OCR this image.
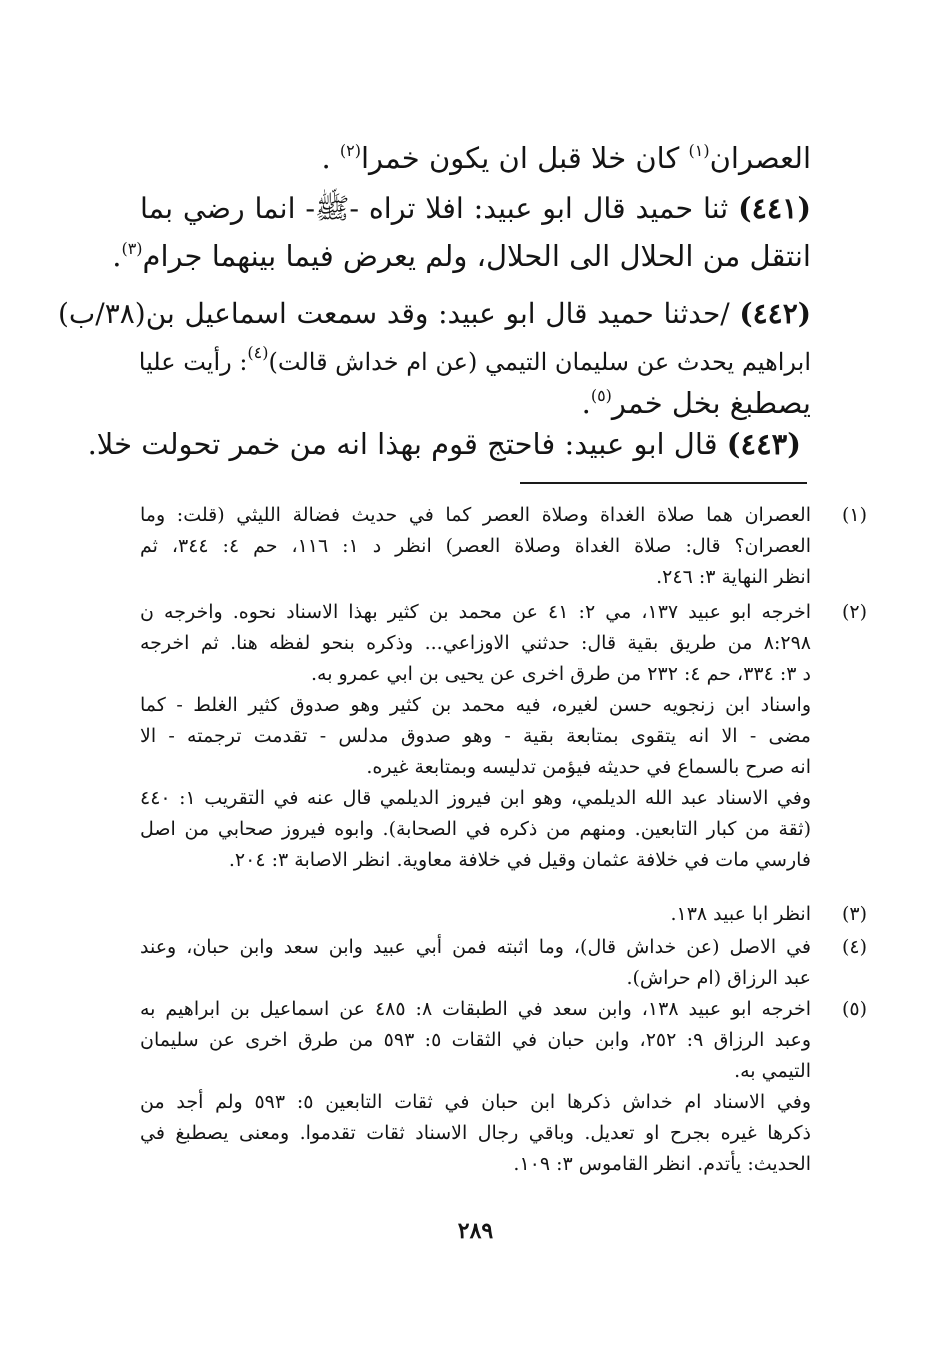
العصران$^{(١)}$ كان خلا قبل ان يكون خمرا$^{(٢)}$ .
(٤٤١) ثنا حميد قال ابو عبيد: افلا تراه -ﷺ- انما رضي بما
انتقل من الحلال الى الحلال، ولم يعرض فيما بينهما جرام$^{(٣)}$.
(٤٤٢) /حدثنا حميد قال ابو عبيد: وقد سمعت اسماعيل بن(٣٨/ب)
ابراهيم يحدث عن سليمان التيمي (عن ام خداش قالت)$^{(٤)}$: رأيت عليا
يصطبغ بخل خمر$^{(٥)}$.
(٤٤٣) قال ابو عبيد: فاحتج قوم بهذا انه من خمر تحولت خلا.
(١)
العصران هما صلاة الغداة وصلاة العصر كما في حديث فضالة الليثي (قلت: وما
العصران؟ قال: صلاة الغداة وصلاة العصر) انظر د ١: ١١٦، حم ٤: ٣٤٤، ثم
انظر النهاية ٣: ٢٤٦.
(٢)
اخرجه ابو عبيد ١٣٧، مي ٢: ٤١ عن محمد بن كثير بهذا الاسناد نحوه. واخرجه ن
٨:٢٩٨ من طريق بقية قال: حدثني الاوزاعي... وذكره بنحو لفظه هنا. ثم اخرجه
د ٣: ٣٣٤، حم ٤: ٢٣٢ من طرق اخرى عن يحيى بن ابي عمرو به.
واسناد ابن زنجويه حسن لغيره، فيه محمد بن كثير وهو صدوق كثير الغلط - كما
مضى - الا انه يتقوى بمتابعة بقية - وهو صدوق مدلس - تقدمت ترجمته - الا
انه صرح بالسماع في حديثه فيؤمن تدليسه وبمتابعة غيره.
وفي الاسناد عبد الله الديلمي، وهو ابن فيروز الديلمي قال عنه في التقريب ١: ٤٤٠
(ثقة من كبار التابعين. ومنهم من ذكره في الصحابة). وابوه فيروز صحابي من اصل
فارسي مات في خلافة عثمان وقيل في خلافة معاوية. انظر الاصابة ٣: ٢٠٤.
(٣)
انظر ابا عبيد ١٣٨.
(٤)
في الاصل (عن خداش قال)، وما اثبته فمن أبي عبيد وابن سعد وابن حبان، وعند
عبد الرزاق (ام حراش).
(٥)
اخرجه ابو عبيد ١٣٨، وابن سعد في الطبقات ٨: ٤٨٥ عن اسماعيل بن ابراهيم به
وعبد الرزاق ٩: ٢٥٢، وابن حبان في الثقات ٥: ٥٩٣ من طرق اخرى عن سليمان
التيمي به.
وفي الاسناد ام خداش ذكرها ابن حبان في ثقات التابعين ٥: ٥٩٣ ولم أجد من
ذكرها غيره بجرح او تعديل. وباقي رجال الاسناد ثقات تقدموا. ومعنى يصطبغ في
الحديث: يأتدم. انظر القاموس ٣: ١٠٩.
٢٨٩
